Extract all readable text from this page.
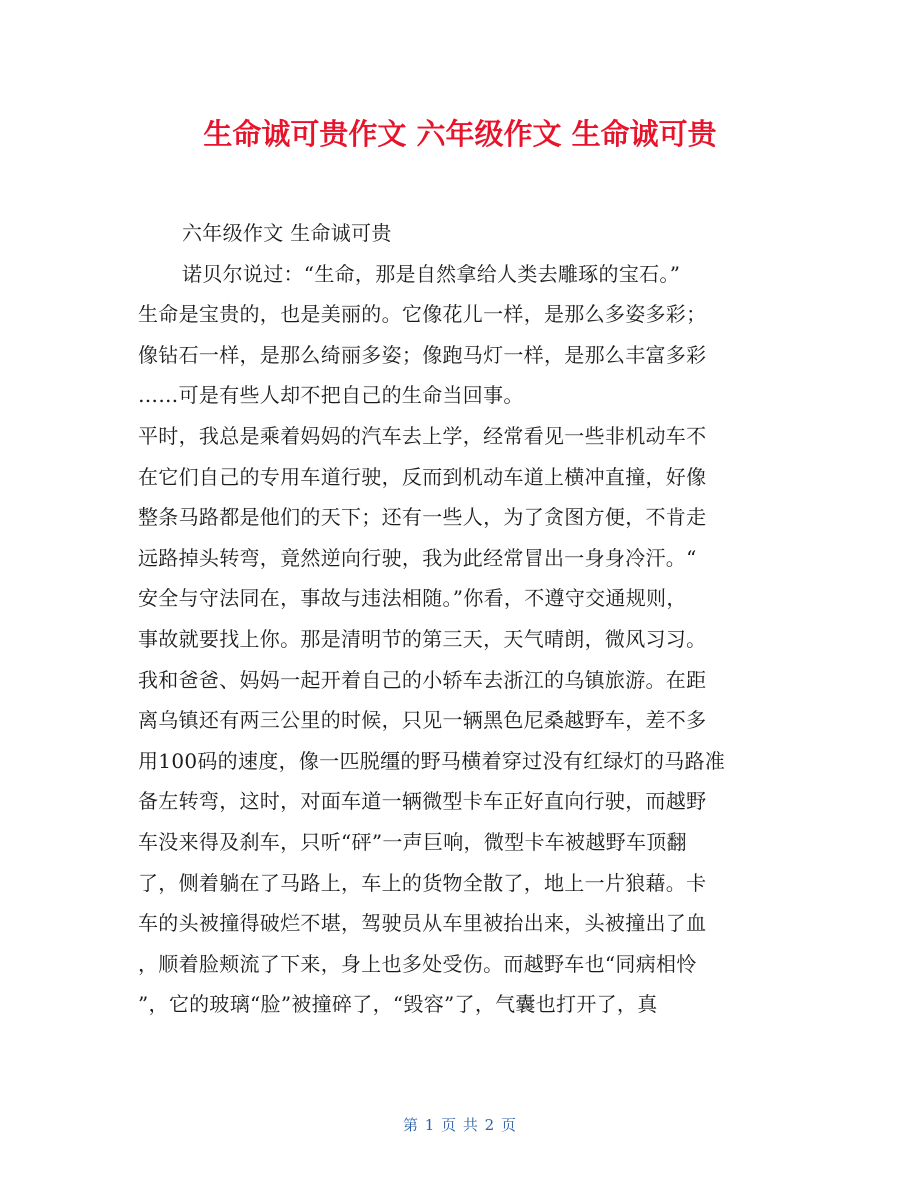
生命诚可贵作文 六年级作文 生命诚可贵
六年级作文 生命诚可贵
诺贝尔说过：“生命，那是自然拿给人类去雕琢的宝石。”
生命是宝贵的，也是美丽的。它像花儿一样，是那么多姿多彩；
像钻石一样，是那么绮丽多姿；像跑马灯一样，是那么丰富多彩
……可是有些人却不把自己的生命当回事。
平时，我总是乘着妈妈的汽车去上学，经常看见一些非机动车不
在它们自己的专用车道行驶，反而到机动车道上横冲直撞，好像
整条马路都是他们的天下；还有一些人，为了贪图方便，不肯走
远路掉头转弯，竟然逆向行驶，我为此经常冒出一身身冷汗。“
安全与守法同在，事故与违法相随。”你看，不遵守交通规则，
事故就要找上你。那是清明节的第三天，天气晴朗，微风习习。
我和爸爸、妈妈一起开着自己的小轿车去浙江的乌镇旅游。在距
离乌镇还有两三公里的时候，只见一辆黑色尼桑越野车，差不多
用100码的速度，像一匹脱缰的野马横着穿过没有红绿灯的马路准
备左转弯，这时，对面车道一辆微型卡车正好直向行驶，而越野
车没来得及刹车，只听“砰”一声巨响，微型卡车被越野车顶翻
了，侧着躺在了马路上，车上的货物全散了，地上一片狼藉。卡
车的头被撞得破烂不堪，驾驶员从车里被抬出来，头被撞出了血
，顺着脸颊流了下来，身上也多处受伤。而越野车也“同病相怜
”，它的玻璃“脸”被撞碎了，“毁容”了，气囊也打开了，真
第 1 页 共 2 页
